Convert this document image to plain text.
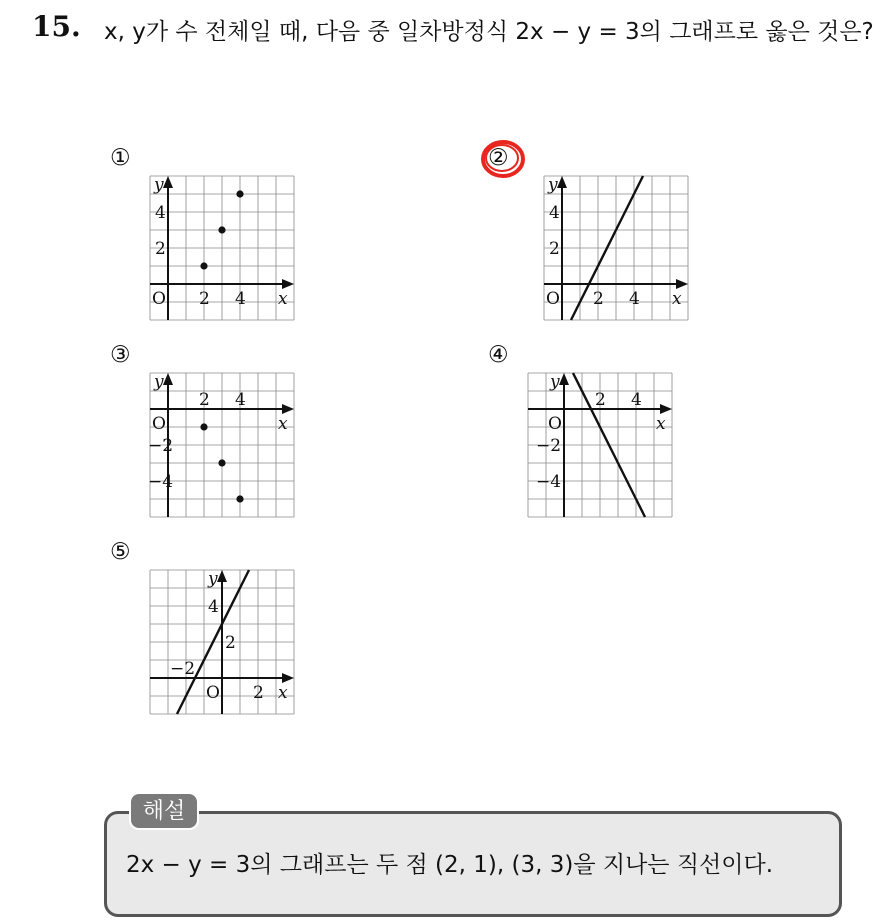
15. x, y가 수 전체일 때, 다음 중 일차방정식 2x − y = 3의 그래프로 옳은 것은?
①	②
③	④
⑤
y
x
O
4
2
2 4
y
x
O
4
2
2 4
y
x
O
2 4
−2
−4
y
x
O
2 4
−2
−4
y
x
O
4
2
−2
2
해설
2x − y = 3의 그래프는 두 점 (2, 1), (3, 3)을 지나는 직선이다.
